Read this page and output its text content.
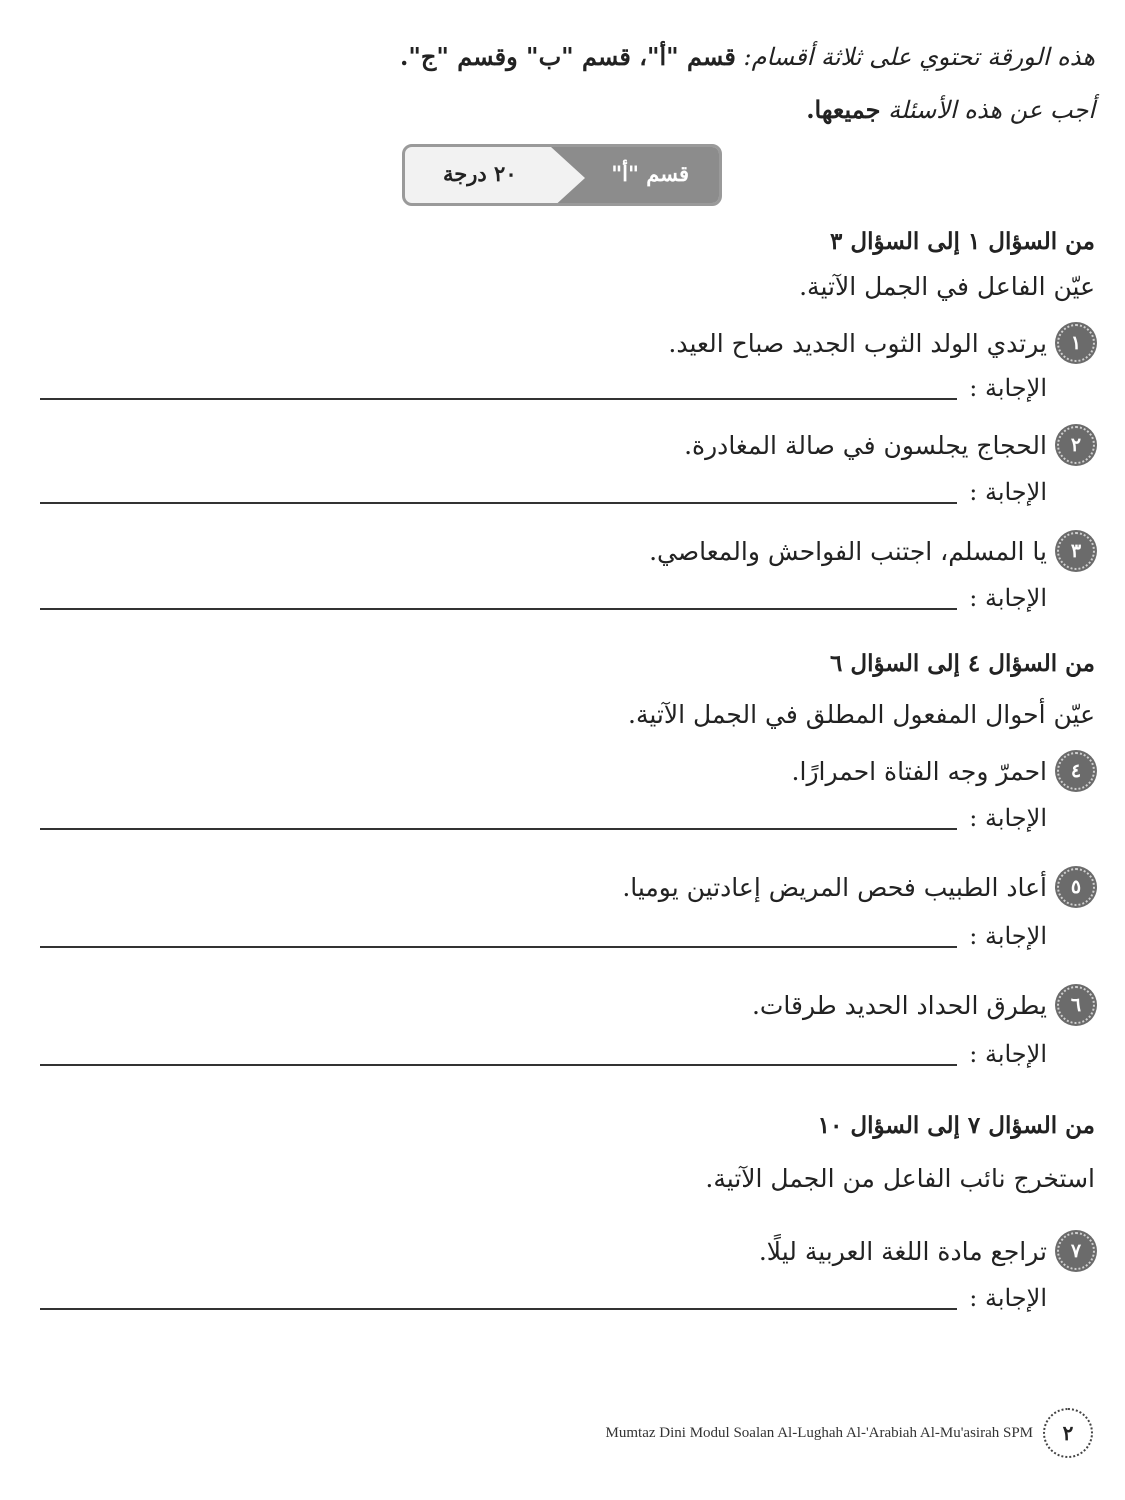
هذه الورقة تحتوي على ثلاثة أقسام: قسم "أ"، قسم "ب" وقسم "ج".
أجب عن هذه الأسئلة جميعها.
قسم "أ"
٢٠ درجة
من السؤال ١ إلى السؤال ٣
عيّن الفاعل في الجمل الآتية.
١
يرتدي الولد الثوب الجديد صباح العيد.
الإجابة :
٢
الحجاج يجلسون في صالة المغادرة.
الإجابة :
٣
يا المسلم، اجتنب الفواحش والمعاصي.
الإجابة :
من السؤال ٤ إلى السؤال ٦
عيّن أحوال المفعول المطلق في الجمل الآتية.
٤
احمرّ وجه الفتاة احمرارًا.
الإجابة :
٥
أعاد الطبيب فحص المريض إعادتين يوميا.
الإجابة :
٦
يطرق الحداد الحديد طرقات.
الإجابة :
من السؤال ٧ إلى السؤال ١٠
استخرج نائب الفاعل من الجمل الآتية.
٧
تراجع مادة اللغة العربية ليلًا.
الإجابة :
٢
Mumtaz Dini Modul Soalan Al-Lughah Al-'Arabiah Al-Mu'asirah SPM
